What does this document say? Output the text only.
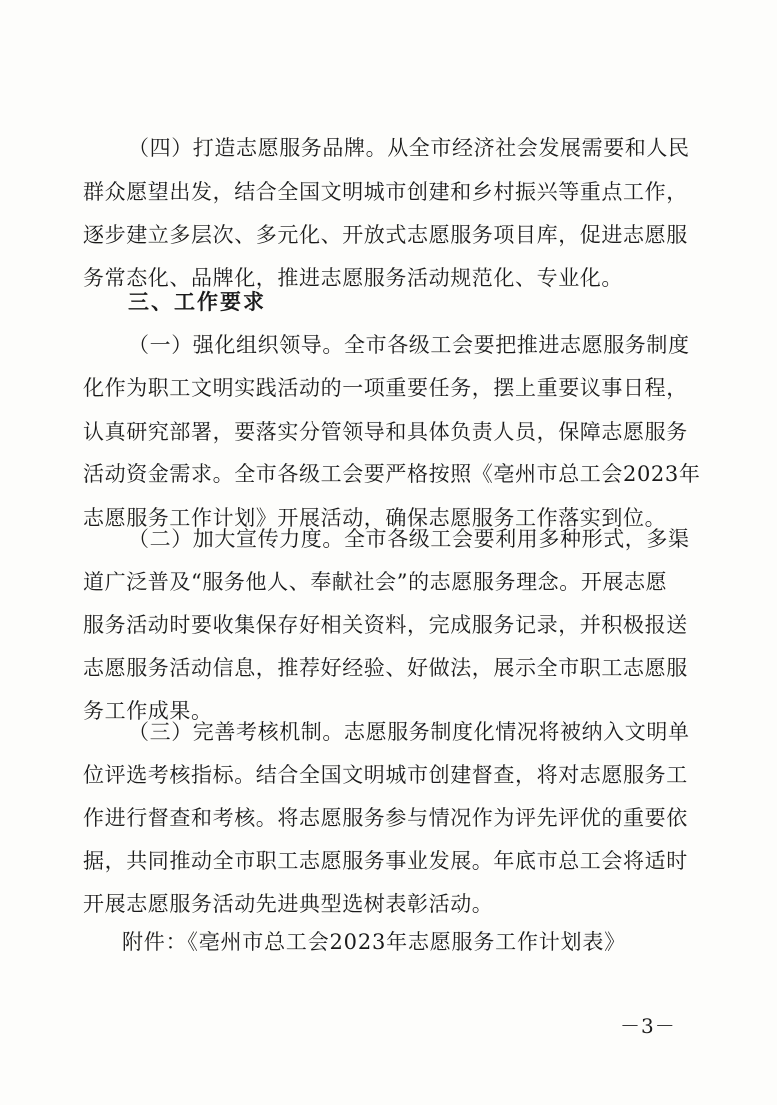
（四）打造志愿服务品牌。从全市经济社会发展需要和人民
群众愿望出发，结合全国文明城市创建和乡村振兴等重点工作，
逐步建立多层次、多元化、开放式志愿服务项目库，促进志愿服
务常态化、品牌化，推进志愿服务活动规范化、专业化。
三、工作要求
（一）强化组织领导。全市各级工会要把推进志愿服务制度
化作为职工文明实践活动的一项重要任务，摆上重要议事日程，
认真研究部署，要落实分管领导和具体负责人员，保障志愿服务
活动资金需求。全市各级工会要严格按照《亳州市总工会2023年
志愿服务工作计划》开展活动，确保志愿服务工作落实到位。
（二）加大宣传力度。全市各级工会要利用多种形式，多渠
道广泛普及“服务他人、奉献社会”的志愿服务理念。开展志愿
服务活动时要收集保存好相关资料，完成服务记录，并积极报送
志愿服务活动信息，推荐好经验、好做法，展示全市职工志愿服
务工作成果。
（三）完善考核机制。志愿服务制度化情况将被纳入文明单
位评选考核指标。结合全国文明城市创建督查，将对志愿服务工
作进行督查和考核。将志愿服务参与情况作为评先评优的重要依
据，共同推动全市职工志愿服务事业发展。年底市总工会将适时
开展志愿服务活动先进典型选树表彰活动。
附件：《亳州市总工会2023年志愿服务工作计划表》
－3－
